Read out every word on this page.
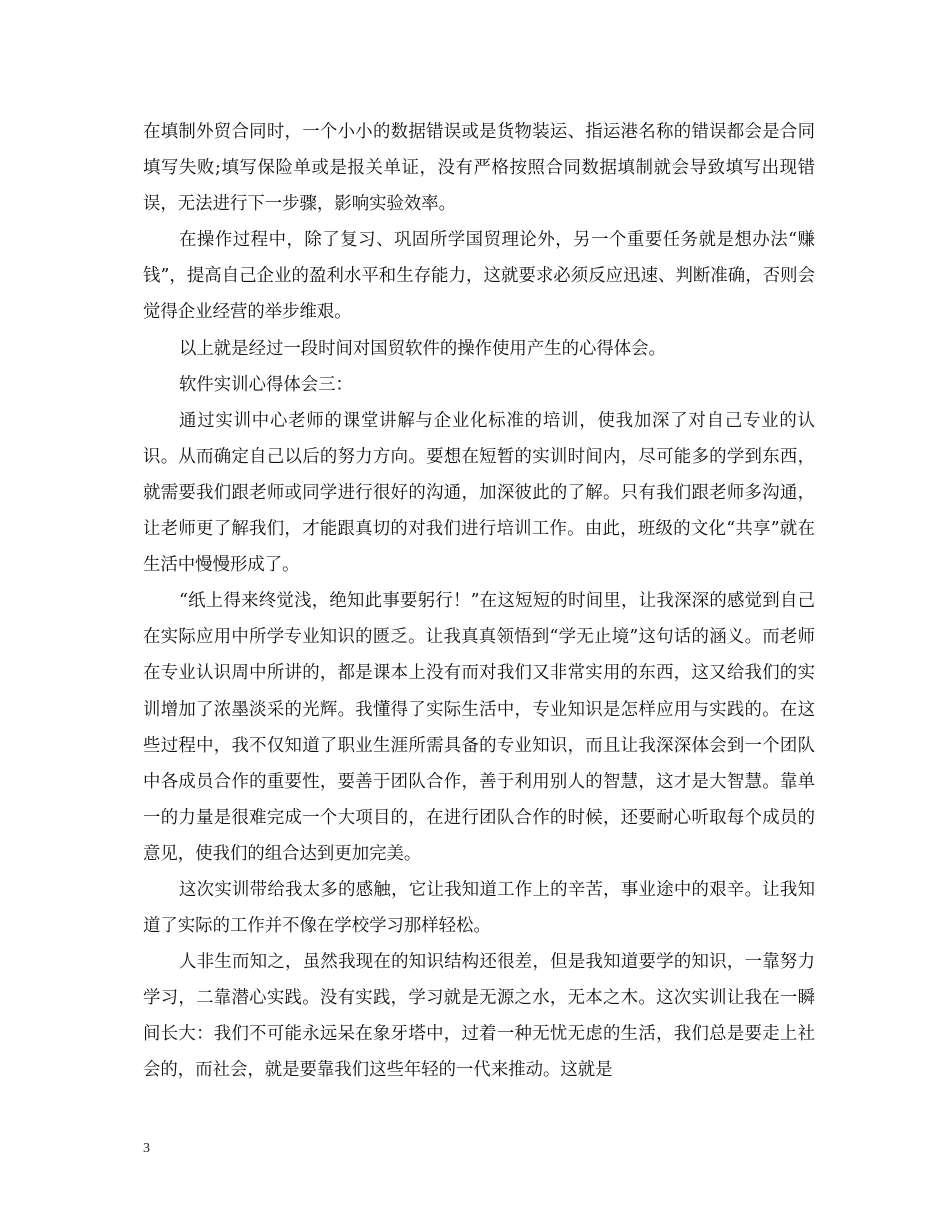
在填制外贸合同时，一个小小的数据错误或是货物装运、指运港名称的错误都会是合同填写失败;填写保险单或是报关单证，没有严格按照合同数据填制就会导致填写出现错误，无法进行下一步骤，影响实验效率。

在操作过程中，除了复习、巩固所学国贸理论外，另一个重要任务就是想办法“赚钱”，提高自己企业的盈利水平和生存能力，这就要求必须反应迅速、判断准确，否则会觉得企业经营的举步维艰。

以上就是经过一段时间对国贸软件的操作使用产生的心得体会。

软件实训心得体会三：

通过实训中心老师的课堂讲解与企业化标准的培训，使我加深了对自己专业的认识。从而确定自己以后的努力方向。要想在短暂的实训时间内，尽可能多的学到东西，就需要我们跟老师或同学进行很好的沟通，加深彼此的了解。只有我们跟老师多沟通，让老师更了解我们，才能跟真切的对我们进行培训工作。由此，班级的文化“共享”就在生活中慢慢形成了。

“纸上得来终觉浅，绝知此事要躬行！”在这短短的时间里，让我深深的感觉到自己在实际应用中所学专业知识的匮乏。让我真真领悟到“学无止境”这句话的涵义。而老师在专业认识周中所讲的，都是课本上没有而对我们又非常实用的东西，这又给我们的实训增加了浓墨淡采的光辉。我懂得了实际生活中，专业知识是怎样应用与实践的。在这些过程中，我不仅知道了职业生涯所需具备的专业知识，而且让我深深体会到一个团队中各成员合作的重要性，要善于团队合作，善于利用别人的智慧，这才是大智慧。靠单一的力量是很难完成一个大项目的，在进行团队合作的时候，还要耐心听取每个成员的意见，使我们的组合达到更加完美。

这次实训带给我太多的感触，它让我知道工作上的辛苦，事业途中的艰辛。让我知道了实际的工作并不像在学校学习那样轻松。

人非生而知之，虽然我现在的知识结构还很差，但是我知道要学的知识，一靠努力学习，二靠潜心实践。没有实践，学习就是无源之水，无本之木。这次实训让我在一瞬间长大：我们不可能永远呆在象牙塔中，过着一种无忧无虑的生活，我们总是要走上社会的，而社会，就是要靠我们这些年轻的一代来推动。这就是

3
